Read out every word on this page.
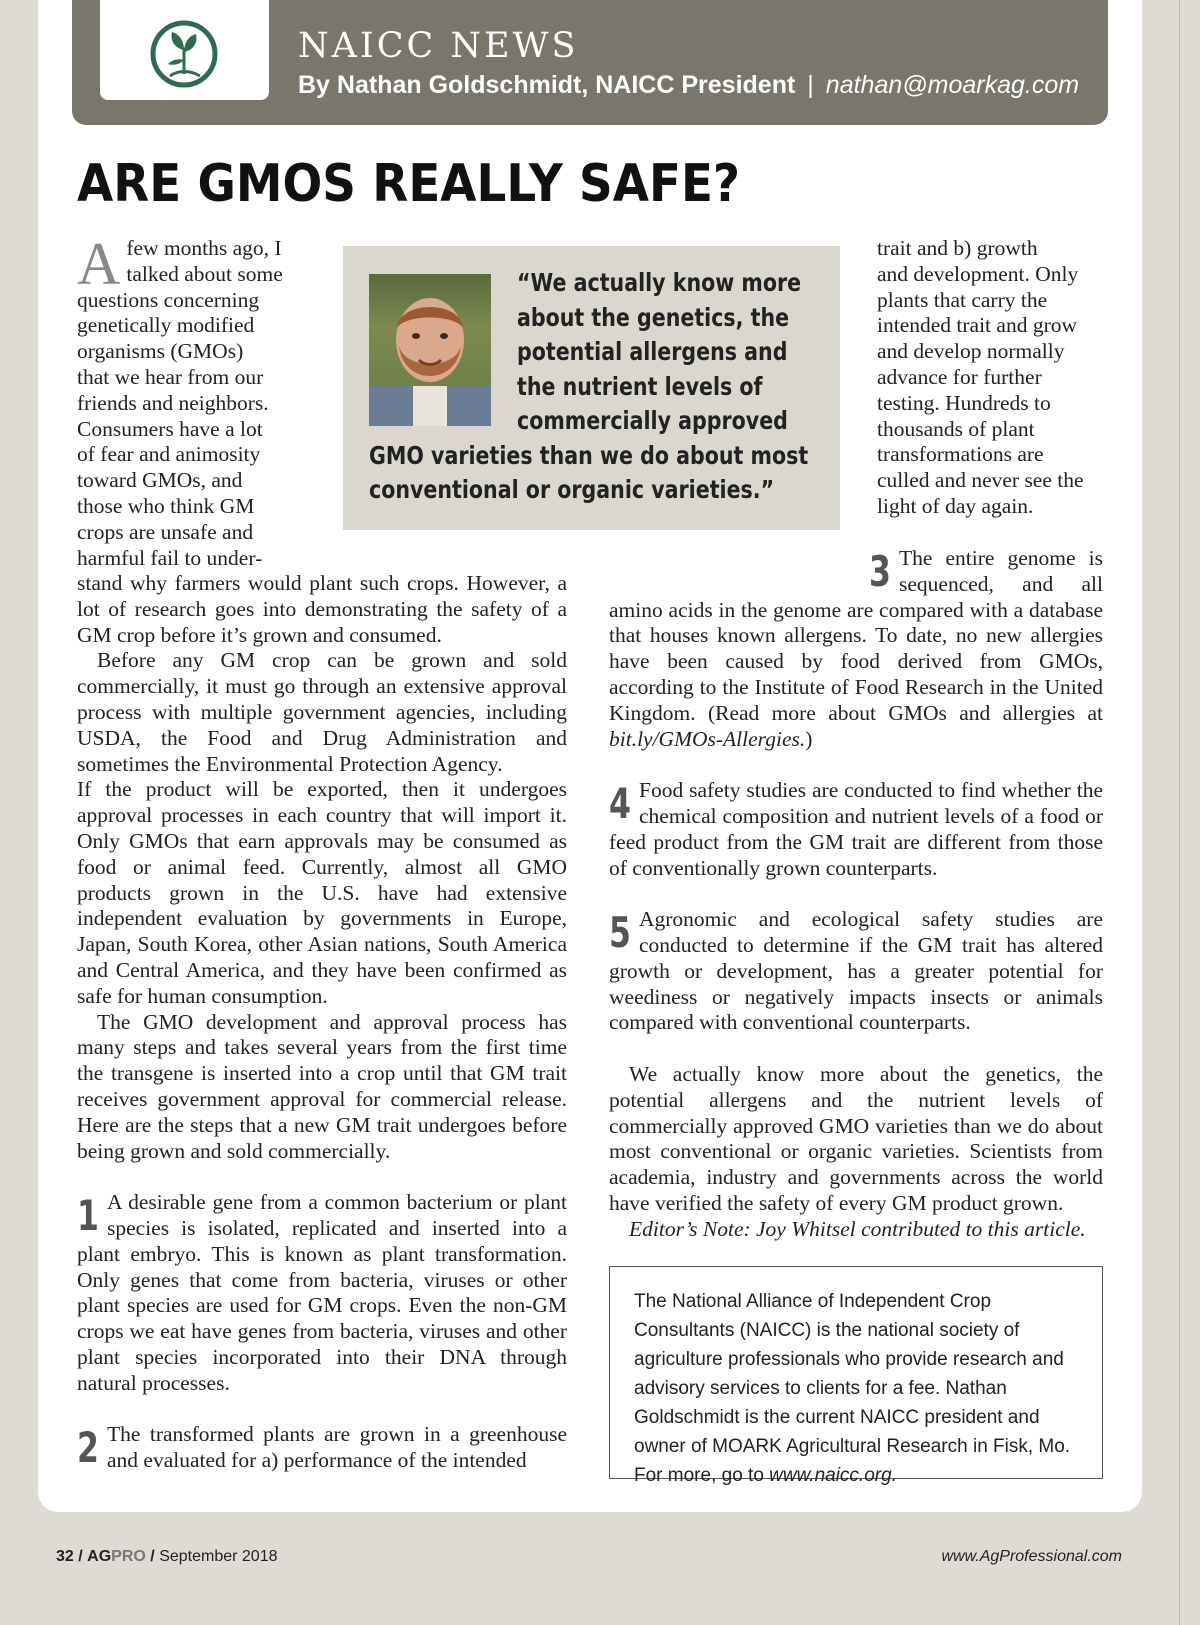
NAICC NEWS
By Nathan Goldschmidt, NAICC President | nathan@moarkag.com
ARE GMOS REALLY SAFE?
A few months ago, I
talked about some
questions concerning
genetically modified
organisms (GMOs)
that we hear from our
friends and neighbors.
Consumers have a lot
of fear and animosity
toward GMOs, and
those who think GM
crops are unsafe and
harmful fail to under-

stand why farmers would plant such crops. However, a lot of research goes into demonstrating the safety of a GM crop before it’s grown and consumed.

Before any GM crop can be grown and sold commercially, it must go through an extensive approval process with multiple government agencies, including USDA, the Food and Drug Administration and sometimes the Environmental Protection Agency.

If the product will be exported, then it undergoes approval processes in each country that will import it. Only GMOs that earn approvals may be consumed as food or animal feed. Currently, almost all GMO products grown in the U.S. have had extensive independent evaluation by governments in Europe, Japan, South Korea, other Asian nations, South America and Central America, and they have been confirmed as safe for human consumption.

The GMO development and approval process has many steps and takes several years from the first time the transgene is inserted into a crop until that GM trait receives government approval for commercial release. Here are the steps that a new GM trait undergoes before being grown and sold commercially.

1 A desirable gene from a common bacterium or plant species is isolated, replicated and inserted into a plant embryo. This is known as plant transformation. Only genes that come from bacteria, viruses or other plant species are used for GM crops. Even the non-GM crops we eat have genes from bacteria, viruses and other plant species incorporated into their DNA through natural processes.

2 The transformed plants are grown in a greenhouse and evaluated for a) performance of the intended

“We actually know more
about the genetics, the
potential allergens and
the nutrient levels of
commercially approved
GMO varieties than we do about most
conventional or organic varieties.”

trait and b) growth
and development. Only
plants that carry the
intended trait and grow
and develop normally
advance for further
testing. Hundreds to
thousands of plant
transformations are
culled and never see the
light of day again.

3 The entire genome is sequenced, and all amino acids in the genome are compared with a database that houses known allergens. To date, no new allergies have been caused by food derived from GMOs, according to the Institute of Food Research in the United Kingdom. (Read more about GMOs and allergies at bit.ly/GMOs-Allergies.)

4 Food safety studies are conducted to find whether the chemical composition and nutrient levels of a food or feed product from the GM trait are different from those of conventionally grown counterparts.

5 Agronomic and ecological safety studies are conducted to determine if the GM trait has altered growth or development, has a greater potential for weediness or negatively impacts insects or animals compared with conventional counterparts.

We actually know more about the genetics, the potential allergens and the nutrient levels of commercially approved GMO varieties than we do about most conventional or organic varieties. Scientists from academia, industry and governments across the world have verified the safety of every GM product grown.

Editor’s Note: Joy Whitsel contributed to this article.

The National Alliance of Independent Crop Consultants (NAICC) is the national society of agriculture professionals who provide research and advisory services to clients for a fee. Nathan Goldschmidt is the current NAICC president and owner of MOARK Agricultural Research in Fisk, Mo. For more, go to www.naicc.org.

32 / AGPRO / September 2018	www.AgProfessional.com
